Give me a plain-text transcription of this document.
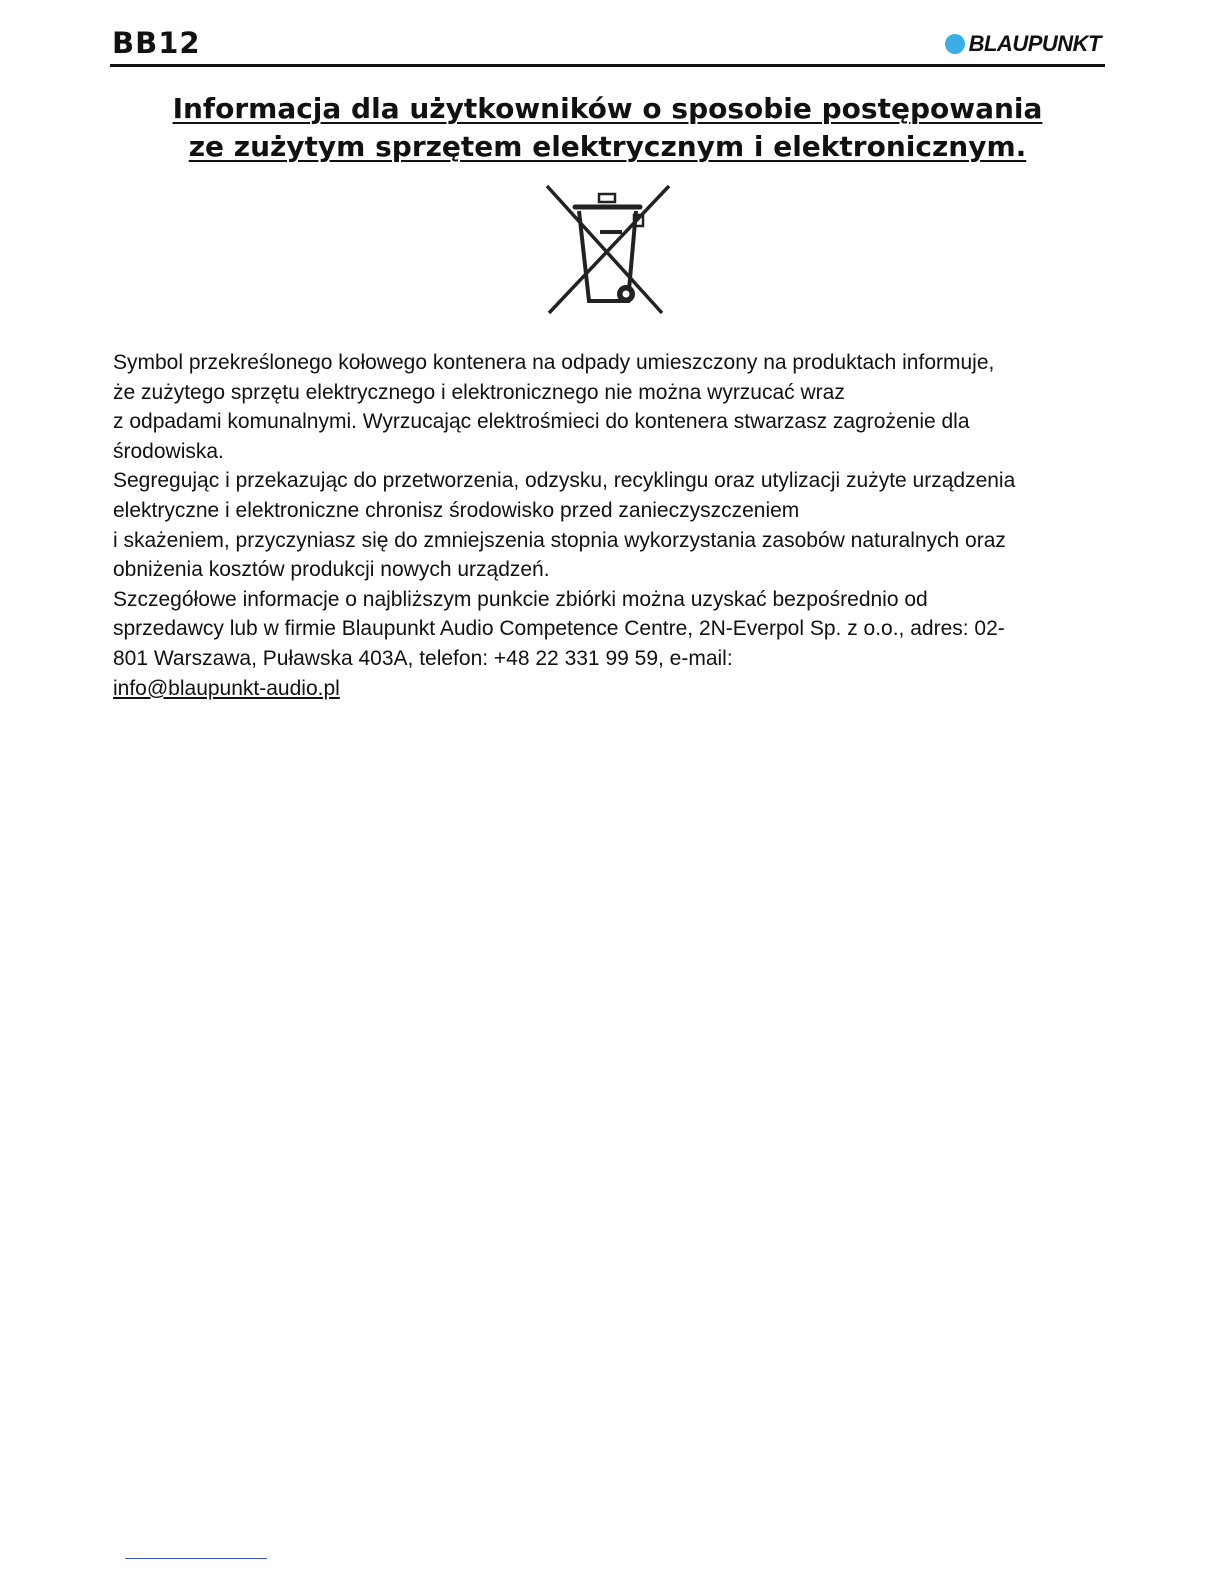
BB12	BLAUPUNKT
Informacja dla użytkowników o sposobie postępowania
ze zużytym sprzętem elektrycznym i elektronicznym.

Symbol przekreślonego kołowego kontenera na odpady umieszczony na produktach informuje,

że zużytego sprzętu elektrycznego i elektronicznego nie można wyrzucać wraz

z odpadami komunalnymi. Wyrzucając elektrośmieci do kontenera stwarzasz zagrożenie dla

środowiska.

Segregując i przekazując do przetworzenia, odzysku, recyklingu oraz utylizacji zużyte urządzenia

elektryczne i elektroniczne chronisz środowisko przed zanieczyszczeniem

i skażeniem, przyczyniasz się do zmniejszenia stopnia wykorzystania zasobów naturalnych oraz

obniżenia kosztów produkcji nowych urządzeń.

Szczegółowe informacje o najbliższym punkcie zbiórki można uzyskać bezpośrednio od

sprzedawcy lub w firmie Blaupunkt Audio Competence Centre, 2N-Everpol Sp. z o.o., adres: 02-

801 Warszawa, Puławska 403A, telefon: +48 22 331 99 59, e-mail:

info@blaupunkt-audio.pl
